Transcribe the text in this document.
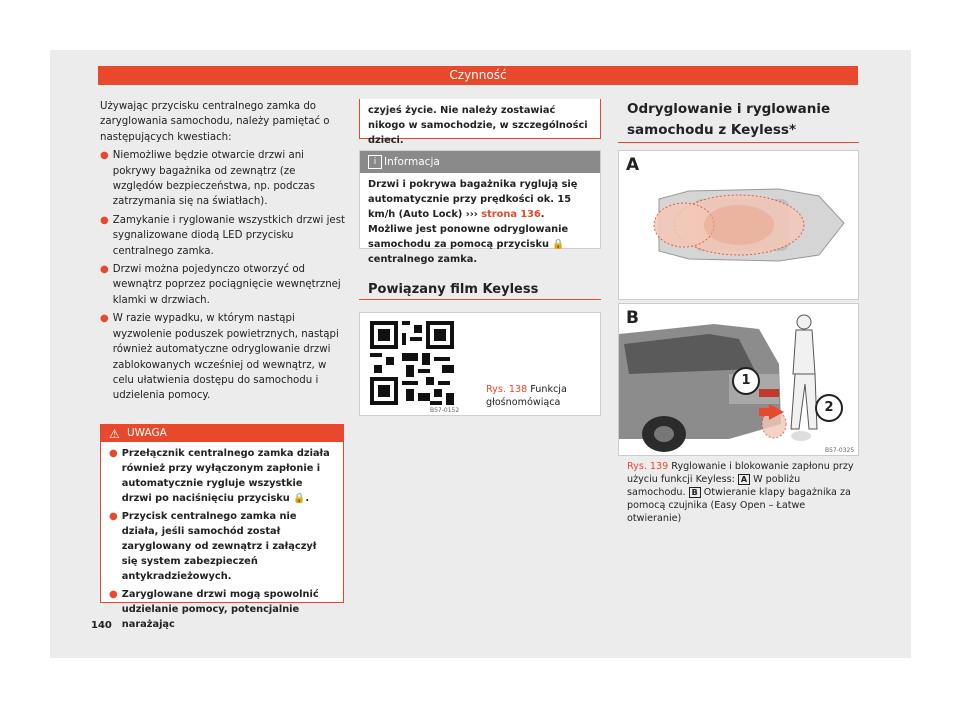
Czynność

Używając przycisku centralnego zamka do zaryglowania samochodu, należy pamiętać o następujących kwestiach:

● Niemożliwe będzie otwarcie drzwi ani pokrywy bagażnika od zewnątrz (ze względów bezpieczeństwa, np. podczas zatrzymania się na światłach).
● Zamykanie i ryglowanie wszystkich drzwi jest sygnalizowane diodą LED przycisku centralnego zamka.
● Drzwi można pojedynczo otworzyć od wewnątrz poprzez pociągnięcie wewnętrznej klamki w drzwiach.
● W razie wypadku, w którym nastąpi wyzwolenie poduszek powietrznych, nastąpi również automatyczne odryglowanie drzwi zablokowanych wcześniej od wewnątrz, w celu ułatwienia dostępu do samochodu i udzielenia pomocy.
⚠ UWAGA
● Przełącznik centralnego zamka działa również przy wyłączonym zapłonie i automatycznie rygluje wszystkie drzwi po naciśnięciu przycisku 🔒.
● Przycisk centralnego zamka nie działa, jeśli samochód został zaryglowany od zewnątrz i załączył się system zabezpieczeń antykradzieżowych.
● Zaryglowane drzwi mogą spowolnić udzielanie pomocy, potencjalnie narażając
czyjeś życie. Nie należy zostawiać nikogo w samochodzie, w szczególności dzieci.
i Informacja
Drzwi i pokrywa bagażnika ryglują się automatycznie przy prędkości ok. 15 km/h (Auto Lock) ››› strona 136. Możliwe jest ponowne odryglowanie samochodu za pomocą przycisku 🔒 centralnego zamka.
Powiązany film Keyless
B57-0152
Rys. 138 Funkcja głośnomówiąca
Odryglowanie i ryglowanie samochodu z Keyless*
A
B
1
2
B57-0325
Rys. 139 Ryglowanie i blokowanie zapłonu przy użyciu funkcji Keyless: A W pobliżu samochodu. B Otwieranie klapy bagażnika za pomocą czujnika (Easy Open – Łatwe otwieranie)
140
